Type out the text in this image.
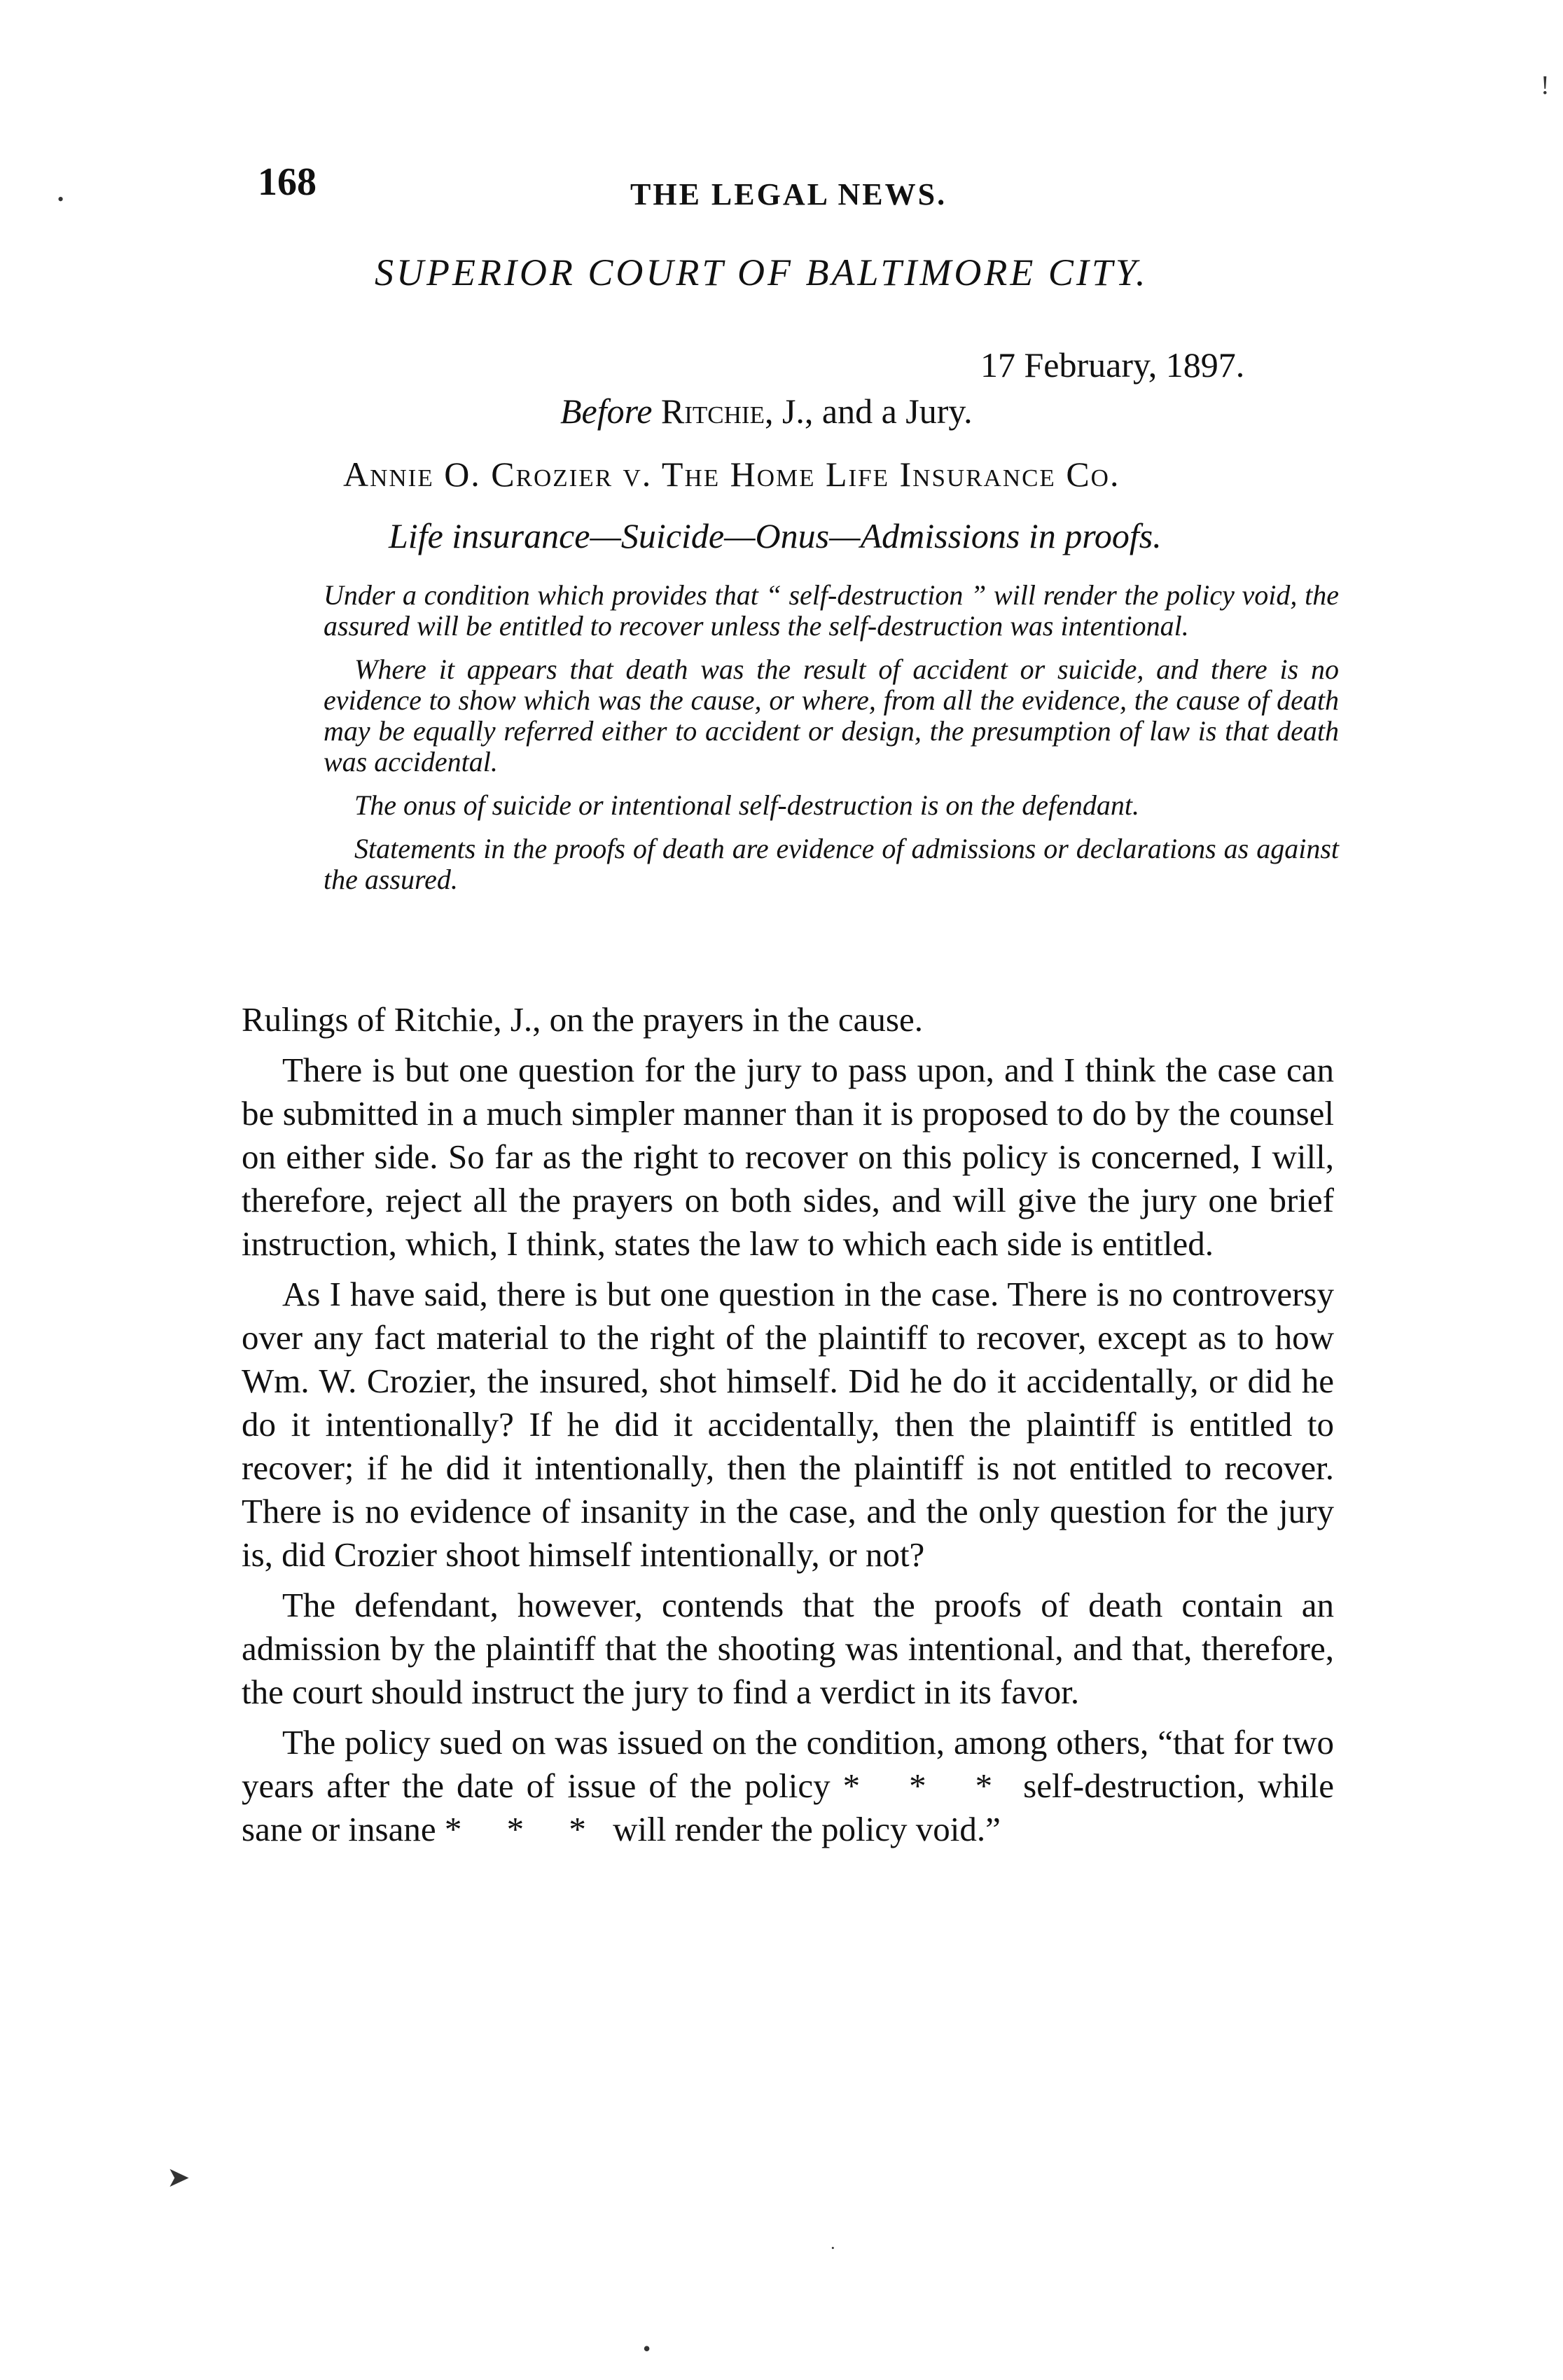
168	THE LEGAL NEWS.
SUPERIOR COURT OF BALTIMORE CITY.
17 February, 1897.
Before Ritchie, J., and a Jury.
Annie O. Crozier v. The Home Life Insurance Co.
Life insurance—Suicide—Onus—Admissions in proofs.

Under a condition which provides that “ self-destruction ” will render the policy void, the assured will be entitled to recover unless the self-destruction was intentional.

Where it appears that death was the result of accident or suicide, and there is no evidence to show which was the cause, or where, from all the evidence, the cause of death may be equally referred either to accident or design, the presumption of law is that death was accidental.

The onus of suicide or intentional self-destruction is on the defendant.

Statements in the proofs of death are evidence of admissions or declarations as against the assured.

Rulings of Ritchie, J., on the prayers in the cause.

There is but one question for the jury to pass upon, and I think the case can be submitted in a much simpler manner than it is proposed to do by the counsel on either side. So far as the right to recover on this policy is concerned, I will, therefore, reject all the prayers on both sides, and will give the jury one brief instruction, which, I think, states the law to which each side is entitled.

As I have said, there is but one question in the case. There is no controversy over any fact material to the right of the plaintiff to recover, except as to how Wm. W. Crozier, the insured, shot himself. Did he do it accidentally, or did he do it intentionally? If he did it accidentally, then the plaintiff is entitled to recover; if he did it intentionally, then the plaintiff is not entitled to recover. There is no evidence of insanity in the case, and the only question for the jury is, did Crozier shoot himself intentionally, or not?

The defendant, however, contends that the proofs of death contain an admission by the plaintiff that the shooting was intentional, and that, therefore, the court should instruct the jury to find a verdict in its favor.

The policy sued on was issued on the condition, among others, “that for two years after the date of issue of the policy * * * self-destruction, while sane or insane * * * will render the policy void.”

•
!
➤
·
•
